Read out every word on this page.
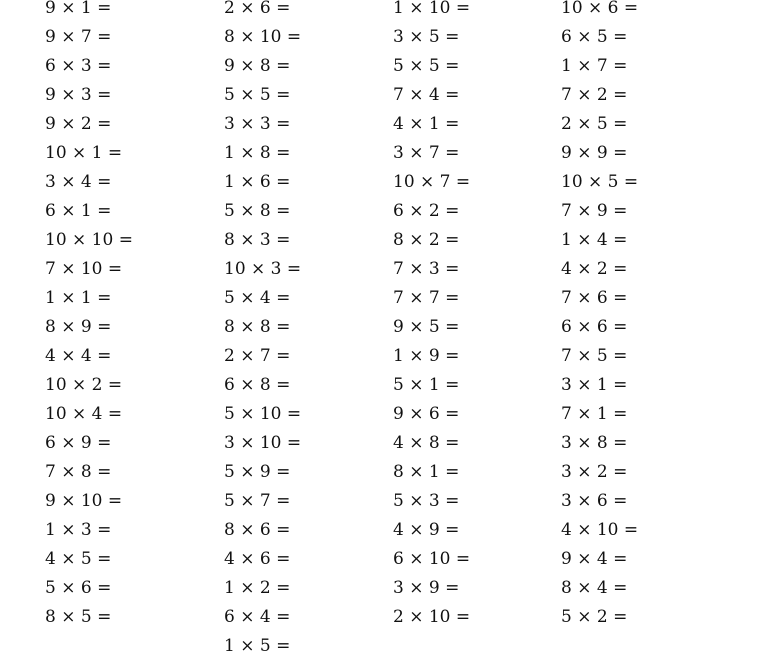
9 × 1 =
9 × 7 =
6 × 3 =
9 × 3 =
9 × 2 =
10 × 1 =
3 × 4 =
6 × 1 =
10 × 10 =
7 × 10 =
1 × 1 =
8 × 9 =
4 × 4 =
10 × 2 =
10 × 4 =
6 × 9 =
7 × 8 =
9 × 10 =
1 × 3 =
4 × 5 =
5 × 6 =
8 × 5 =
2 × 6 =
8 × 10 =
9 × 8 =
5 × 5 =
3 × 3 =
1 × 8 =
1 × 6 =
5 × 8 =
8 × 3 =
10 × 3 =
5 × 4 =
8 × 8 =
2 × 7 =
6 × 8 =
5 × 10 =
3 × 10 =
5 × 9 =
5 × 7 =
8 × 6 =
4 × 6 =
1 × 2 =
6 × 4 =
1 × 5 =
1 × 10 =
3 × 5 =
5 × 5 =
7 × 4 =
4 × 1 =
3 × 7 =
10 × 7 =
6 × 2 =
8 × 2 =
7 × 3 =
7 × 7 =
9 × 5 =
1 × 9 =
5 × 1 =
9 × 6 =
4 × 8 =
8 × 1 =
5 × 3 =
4 × 9 =
6 × 10 =
3 × 9 =
2 × 10 =
10 × 6 =
6 × 5 =
1 × 7 =
7 × 2 =
2 × 5 =
9 × 9 =
10 × 5 =
7 × 9 =
1 × 4 =
4 × 2 =
7 × 6 =
6 × 6 =
7 × 5 =
3 × 1 =
7 × 1 =
3 × 8 =
3 × 2 =
3 × 6 =
4 × 10 =
9 × 4 =
8 × 4 =
5 × 2 =
